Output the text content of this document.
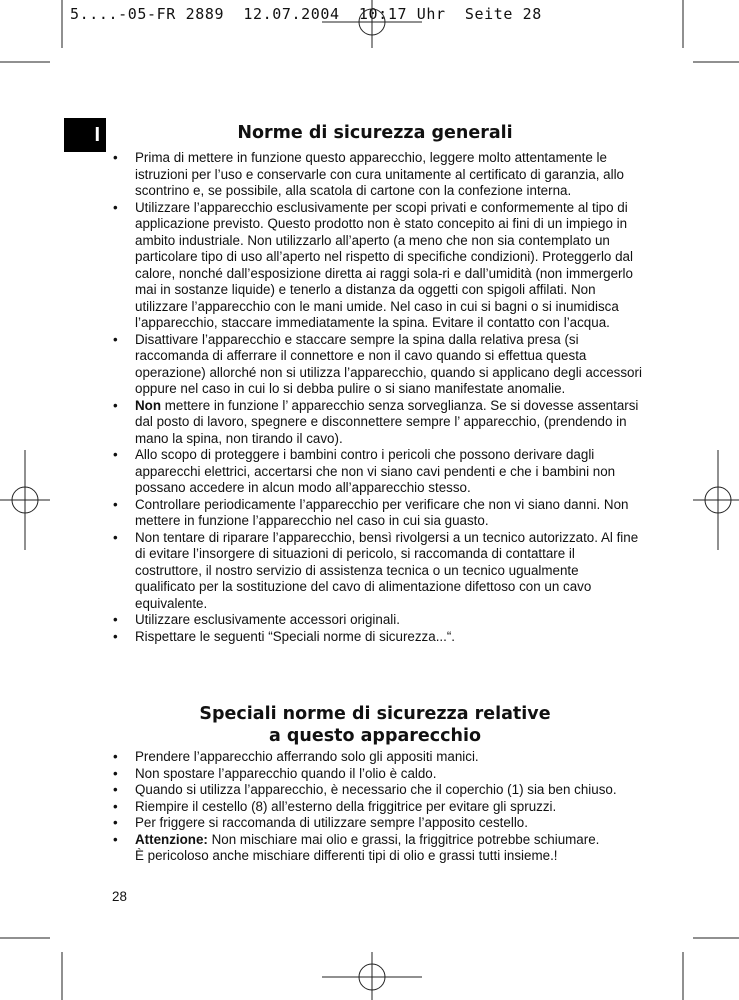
5....-05-FR 2889  12.07.2004  10:17 Uhr  Seite 28
I	Norme di sicurezza generali
• Prima di mettere in funzione questo apparecchio, leggere molto attentamente le istruzioni per l’uso e conservarle con cura unitamente al certificato di garanzia, allo scontrino e, se possibile, alla scatola di cartone con la confezione interna.
• Utilizzare l’apparecchio esclusivamente per scopi privati e conformemente al tipo di applicazione previsto. Questo prodotto non è stato concepito ai fini di un impiego in ambito industriale. Non utilizzarlo all’aperto (a meno che non sia contemplato un particolare tipo di uso all’aperto nel rispetto di specifiche condizioni). Proteggerlo dal calore, nonché dall’esposizione diretta ai raggi sola-ri e dall’umidità (non immergerlo mai in sostanze liquide) e tenerlo a distanza da oggetti con spigoli affilati. Non utilizzare l’apparecchio con le mani umide. Nel caso in cui si bagni o si inumidisca l’apparecchio, staccare immediatamente la spina. Evitare il contatto con l’acqua.
• Disattivare l’apparecchio e staccare sempre la spina dalla relativa presa (si raccomanda di afferrare il connettore e non il cavo quando si effettua questa operazione) allorché non si utilizza l’apparecchio, quando si applicano degli accessori oppure nel caso in cui lo si debba pulire o si siano manifestate anomalie.
• Non mettere in funzione l’ apparecchio senza sorveglianza. Se si dovesse assentarsi dal posto di lavoro, spegnere e disconnettere sempre l’ apparecchio, (prendendo in mano la spina, non tirando il cavo).
• Allo scopo di proteggere i bambini contro i pericoli che possono derivare dagli apparecchi elettrici, accertarsi che non vi siano cavi pendenti e che i bambini non possano accedere in alcun modo all’apparecchio stesso.
• Controllare periodicamente l’apparecchio per verificare che non vi siano danni. Non mettere in funzione l’apparecchio nel caso in cui sia guasto.
• Non tentare di riparare l’apparecchio, bensì rivolgersi a un tecnico autorizzato. Al fine di evitare l’insorgere di situazioni di pericolo, si raccomanda di contattare il costruttore, il nostro servizio di assistenza tecnica o un tecnico ugualmente qualificato per la sostituzione del cavo di alimentazione difettoso con un cavo equivalente.
• Utilizzare esclusivamente accessori originali.
• Rispettare le seguenti “Speciali norme di sicurezza...“.
Speciali norme di sicurezza relative
a questo apparecchio
• Prendere l’apparecchio afferrando solo gli appositi manici.
• Non spostare l’apparecchio quando il l’olio è caldo.
• Quando si utilizza l’apparecchio, è necessario che il coperchio (1) sia ben chiuso.
• Riempire il cestello (8) all’esterno della friggitrice per evitare gli spruzzi.
• Per friggere si raccomanda di utilizzare sempre l’apposito cestello.
• Attenzione: Non mischiare mai olio e grassi, la friggitrice potrebbe schiumare.
È pericoloso anche mischiare differenti tipi di olio e grassi tutti insieme.!
28
